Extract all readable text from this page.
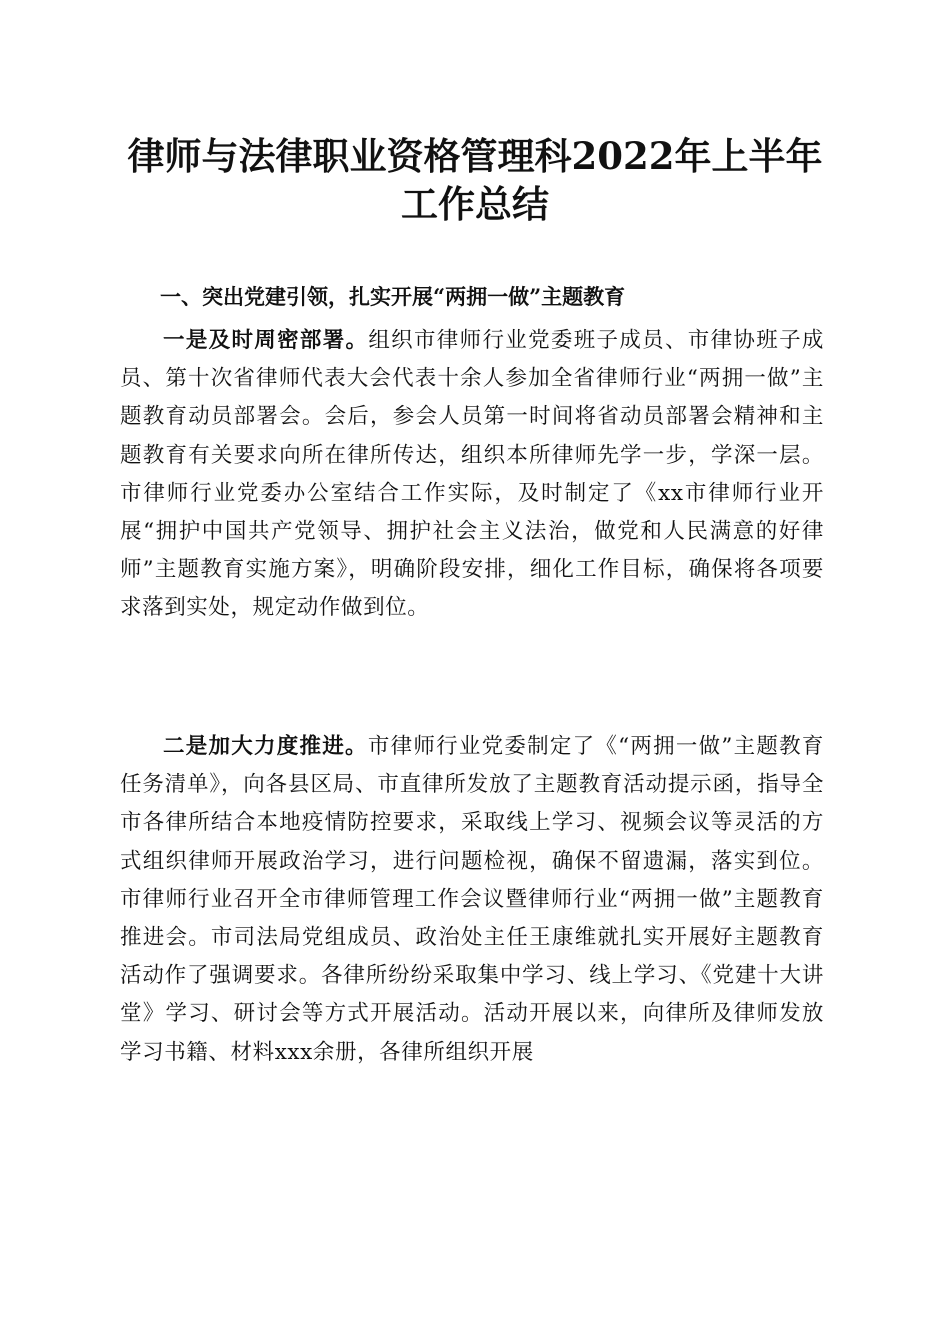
律师与法律职业资格管理科2022年上半年工作总结
一、突出党建引领，扎实开展“两拥一做”主题教育

一是及时周密部署。组织市律师行业党委班子成员、市律协班子成员、第十次省律师代表大会代表十余人参加全省律师行业“两拥一做”主题教育动员部署会。会后，参会人员第一时间将省动员部署会精神和主题教育有关要求向所在律所传达，组织本所律师先学一步，学深一层。市律师行业党委办公室结合工作实际，及时制定了《xx市律师行业开展“拥护中国共产党领导、拥护社会主义法治，做党和人民满意的好律师”主题教育实施方案》，明确阶段安排，细化工作目标，确保将各项要求落到实处，规定动作做到位。

二是加大力度推进。市律师行业党委制定了《“两拥一做”主题教育任务清单》，向各县区局、市直律所发放了主题教育活动提示函，指导全市各律所结合本地疫情防控要求，采取线上学习、视频会议等灵活的方式组织律师开展政治学习，进行问题检视，确保不留遗漏，落实到位。市律师行业召开全市律师管理工作会议暨律师行业“两拥一做”主题教育推进会。市司法局党组成员、政治处主任王康维就扎实开展好主题教育活动作了强调要求。各律所纷纷采取集中学习、线上学习、《党建十大讲堂》学习、研讨会等方式开展活动。活动开展以来，向律所及律师发放学习书籍、材料xxx余册，各律所组织开展
